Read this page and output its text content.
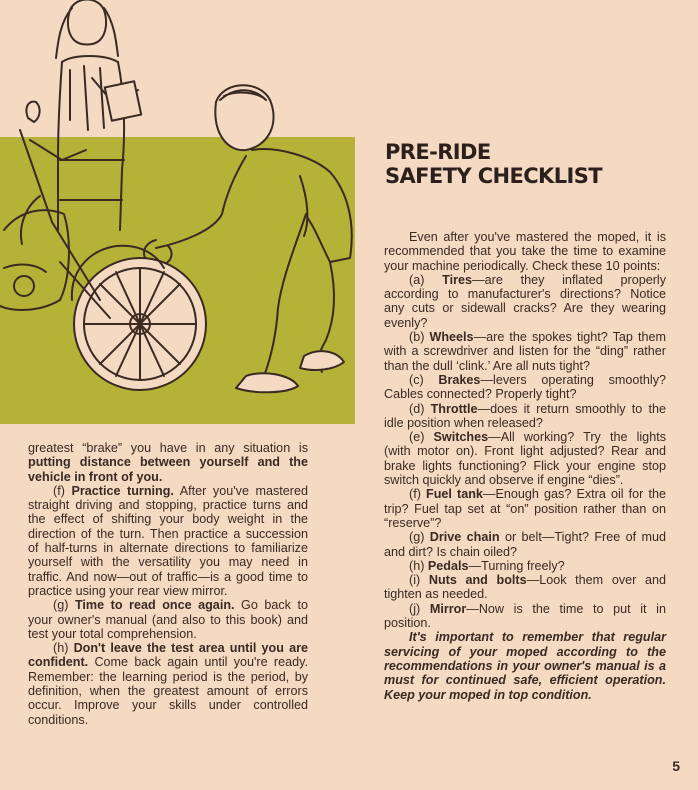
PRE-RIDE
SAFETY CHECKLIST

greatest “brake” you have in any situation is putting distance between yourself and the vehicle in front of you.

(f) Practice turning. After you've mastered straight driving and stopping, practice turns and the effect of shifting your body weight in the direction of the turn. Then practice a succession of half-turns in alternate directions to familiarize yourself with the versatility you may need in traffic. And now—out of traffic—is a good time to practice using your rear view mirror.

(g) Time to read once again. Go back to your owner's manual (and also to this book) and test your total comprehension.

(h) Don't leave the test area until you are confident. Come back again until you're ready. Remember: the learning period is the period, by definition, when the greatest amount of errors occur. Improve your skills under controlled conditions.

Even after you've mastered the moped, it is recommended that you take the time to examine your machine periodically. Check these 10 points:

(a) Tires—are they inflated properly according to manufacturer's directions? Notice any cuts or sidewall cracks? Are they wearing evenly?

(b) Wheels—are the spokes tight? Tap them with a screwdriver and listen for the “ding” rather than the dull ‘clink.’ Are all nuts tight?

(c) Brakes—levers operating smoothly? Cables connected? Properly tight?

(d) Throttle—does it return smoothly to the idle position when released?

(e) Switches—All working? Try the lights (with motor on). Front light adjusted? Rear and brake lights functioning? Flick your engine stop switch quickly and observe if engine “dies”.

(f) Fuel tank—Enough gas? Extra oil for the trip? Fuel tap set at “on” position rather than on “reserve”?

(g) Drive chain or belt—Tight? Free of mud and dirt? Is chain oiled?

(h) Pedals—Turning freely?

(i) Nuts and bolts—Look them over and tighten as needed.

(j) Mirror—Now is the time to put it in position.

It's important to remember that regular servicing of your moped according to the recommendations in your owner's manual is a must for continued safe, efficient operation. Keep your moped in top condition.

5
